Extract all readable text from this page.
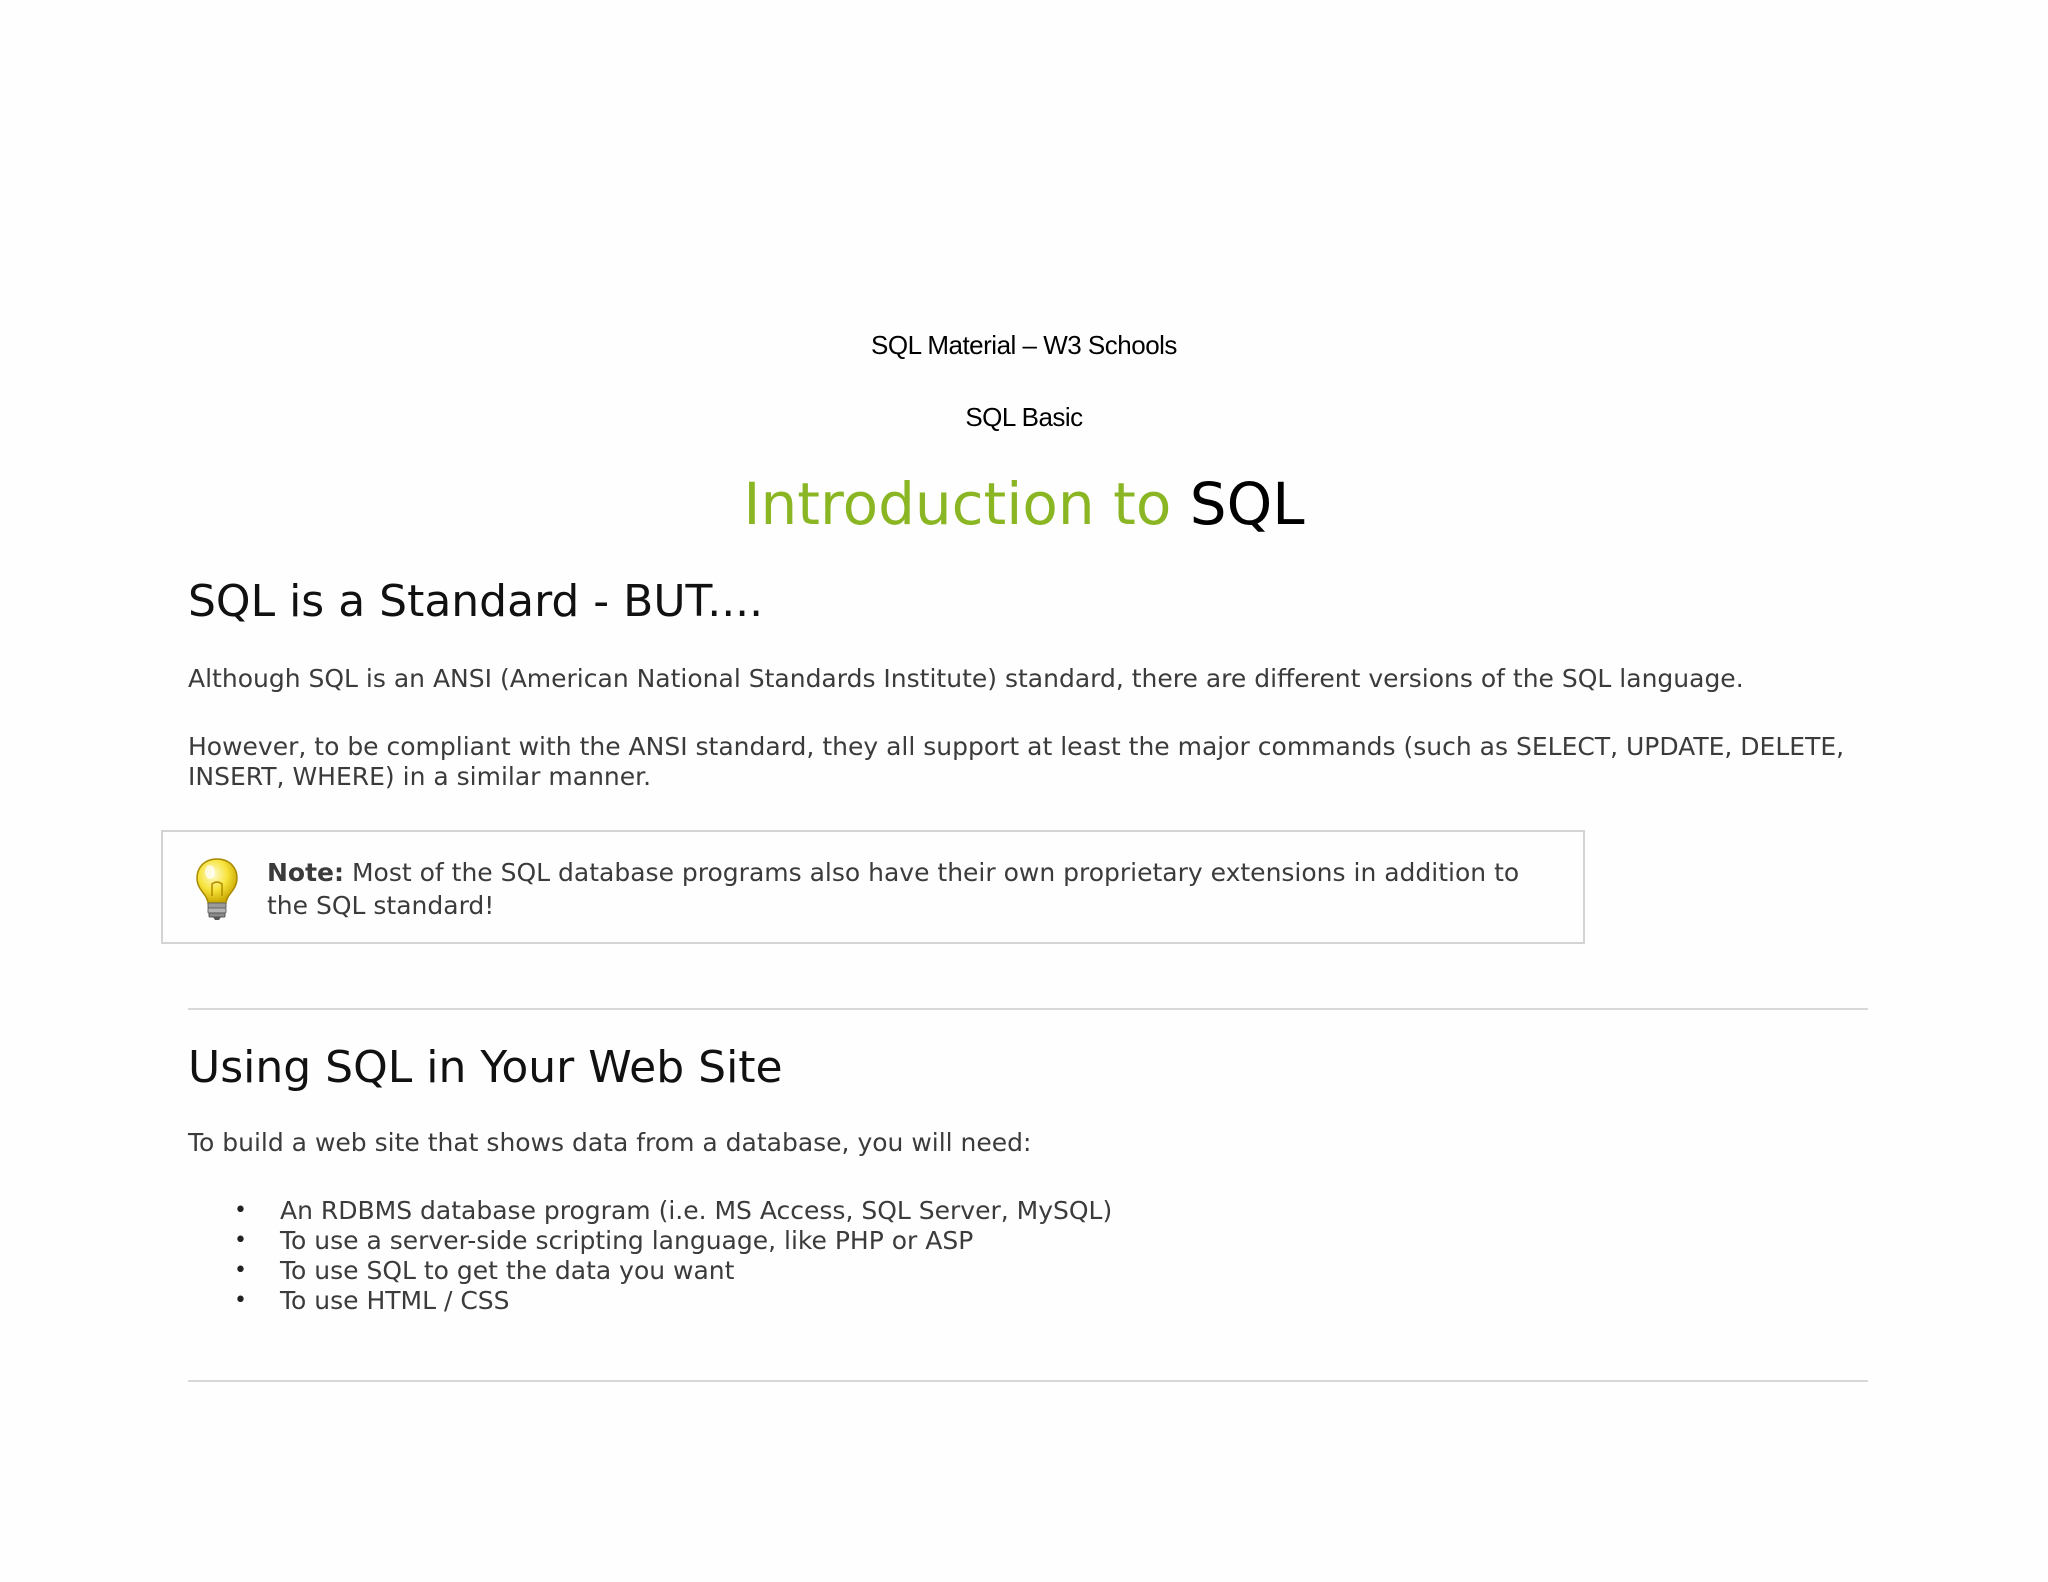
SQL Material – W3 Schools

SQL Basic

Introduction to SQL
SQL is a Standard - BUT....

Although SQL is an ANSI (American National Standards Institute) standard, there are different versions of the SQL language.

However, to be compliant with the ANSI standard, they all support at least the major commands (such as SELECT, UPDATE, DELETE, INSERT, WHERE) in a similar manner.

Note: Most of the SQL database programs also have their own proprietary extensions in addition to the SQL standard!

Using SQL in Your Web Site

To build a web site that shows data from a database, you will need:

• An RDBMS database program (i.e. MS Access, SQL Server, MySQL)
• To use a server-side scripting language, like PHP or ASP
• To use SQL to get the data you want
• To use HTML / CSS
